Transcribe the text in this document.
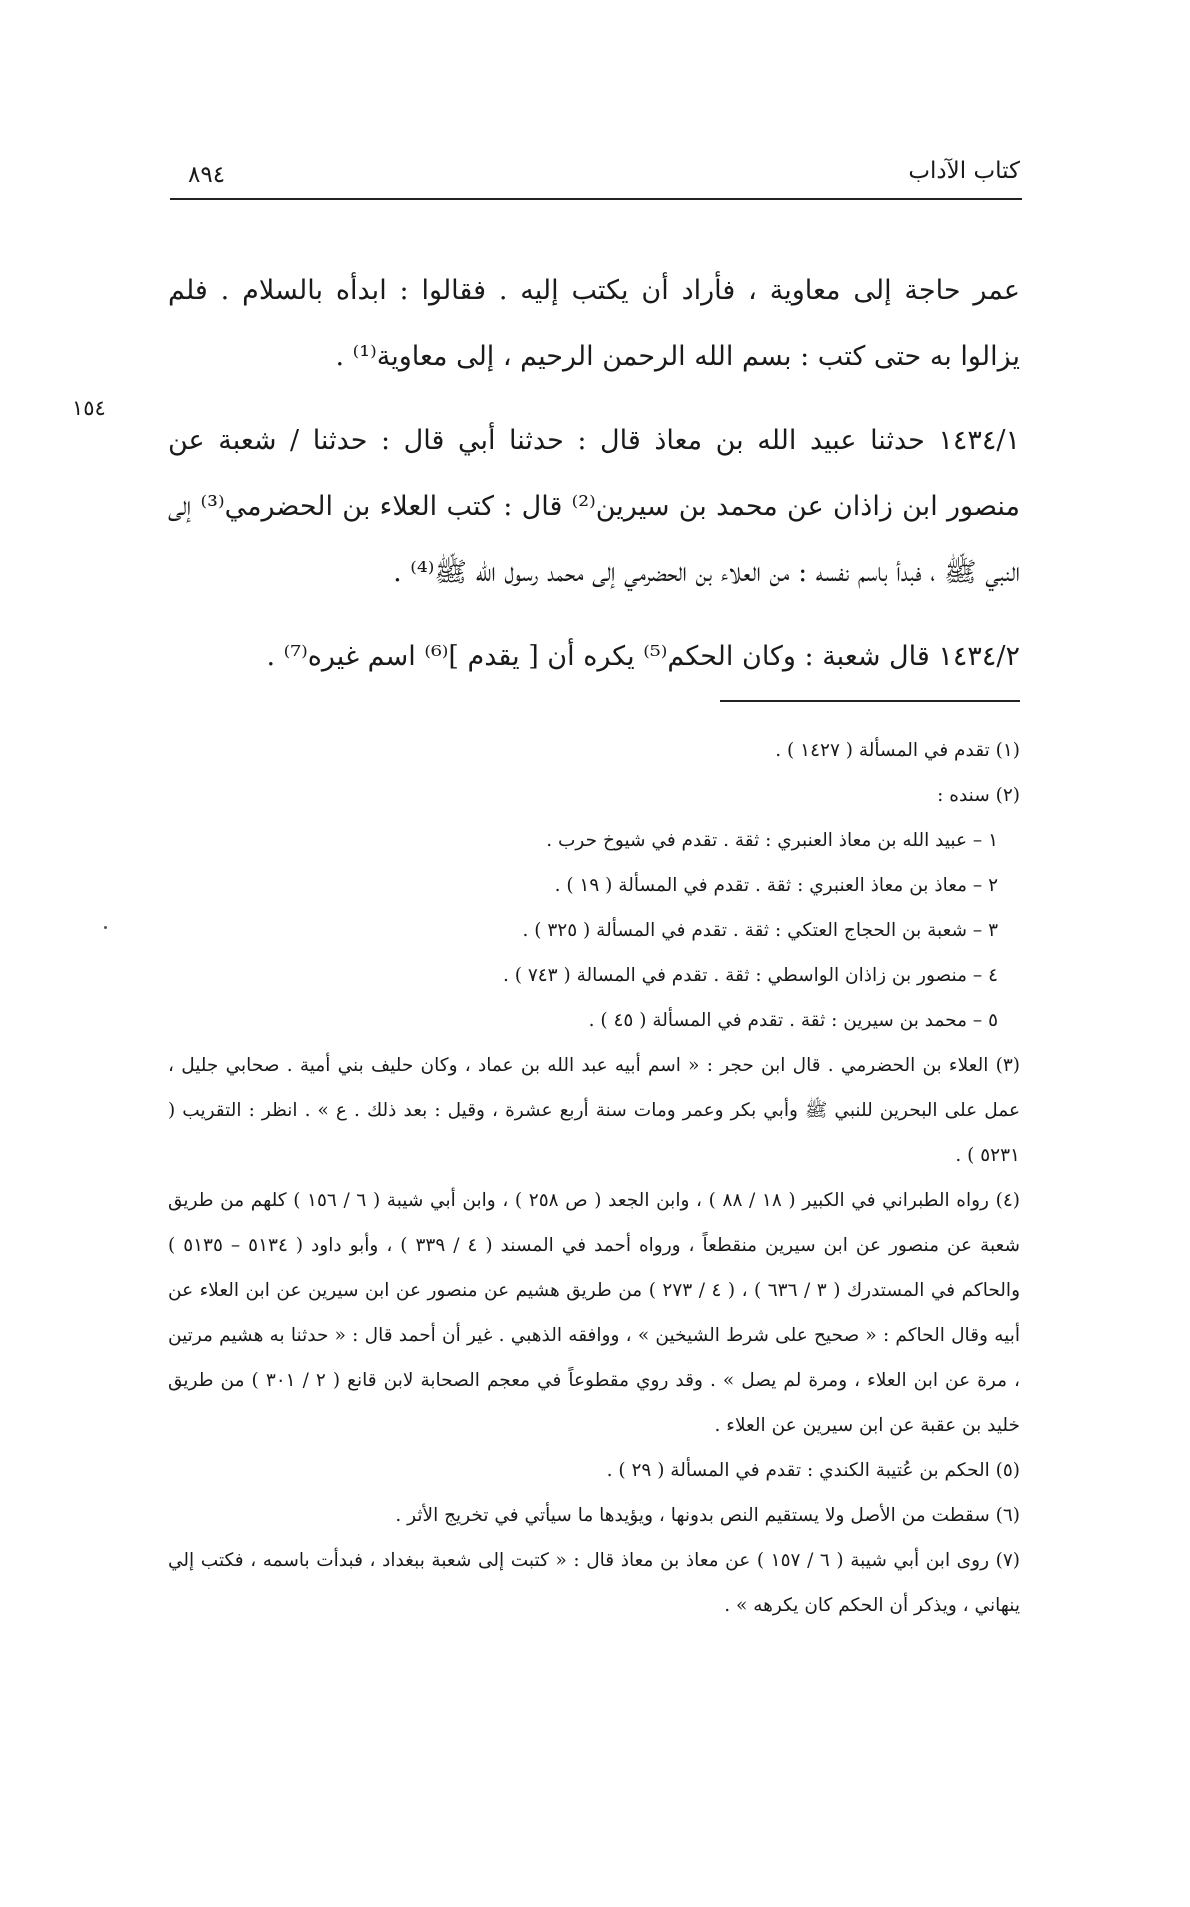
كتاب الآداب
٨٩٤
١٥٤

عمر حاجة إلى معاوية ، فأراد أن يكتب إليه . فقالوا : ابدأه بالسلام . فلم يزالوا به حتى كتب : بسم الله الرحمن الرحيم ، إلى معاوية⁽¹⁾ .

١٤٣٤/١ حدثنا عبيد الله بن معاذ قال : حدثنا أبي قال : حدثنا / شعبة عن منصور ابن زاذان عن محمد بن سيرين⁽²⁾ قال : كتب العلاء بن الحضرمي⁽³⁾ إلى النبي ﷺ ، فبدأ باسم نفسه : من العلاء بن الحضرمي إلى محمد رسول الله ﷺ⁽⁴⁾ .

١٤٣٤/٢ قال شعبة : وكان الحكم⁽⁵⁾ يكره أن [ يقدم ]⁽⁶⁾ اسم غيره⁽⁷⁾ .

(١) تقدم في المسألة ( ١٤٢٧ ) .

(٢) سنده :

١ – عبيد الله بن معاذ العنبري : ثقة . تقدم في شيوخ حرب .

٢ – معاذ بن معاذ العنبري : ثقة . تقدم في المسألة ( ١٩ ) .

٣ – شعبة بن الحجاج العتكي : ثقة . تقدم في المسألة ( ٣٢٥ ) .

٤ – منصور بن زاذان الواسطي : ثقة . تقدم في المسالة ( ٧٤٣ ) .

٥ – محمد بن سيرين : ثقة . تقدم في المسألة ( ٤٥ ) .

(٣) العلاء بن الحضرمي . قال ابن حجر : « اسم أبيه عبد الله بن عماد ، وكان حليف بني أمية . صحابي جليل ، عمل على البحرين للنبي ﷺ وأبي بكر وعمر ومات سنة أربع عشرة ، وقيل : بعد ذلك . ع » . انظر : التقريب ( ٥٢٣١ ) .

(٤) رواه الطبراني في الكبير ( ١٨ / ٨٨ ) ، وابن الجعد ( ص ٢٥٨ ) ، وابن أبي شيبة ( ٦ / ١٥٦ ) كلهم من طريق شعبة عن منصور عن ابن سيرين منقطعاً ، ورواه أحمد في المسند ( ٤ / ٣٣٩ ) ، وأبو داود ( ٥١٣٤ – ٥١٣٥ ) والحاكم في المستدرك ( ٣ / ٦٣٦ ) ، ( ٤ / ٢٧٣ ) من طريق هشيم عن منصور عن ابن سيرين عن ابن العلاء عن أبيه وقال الحاكم : « صحيح على شرط الشيخين » ، ووافقه الذهبي . غير أن أحمد قال : « حدثنا به هشيم مرتين ، مرة عن ابن العلاء ، ومرة لم يصل » . وقد روي مقطوعاً في معجم الصحابة لابن قانع ( ٢ / ٣٠١ ) من طريق خليد بن عقبة عن ابن سيرين عن العلاء .

(٥) الحكم بن عُتيبة الكندي : تقدم في المسألة ( ٢٩ ) .

(٦) سقطت من الأصل ولا يستقيم النص بدونها ، ويؤيدها ما سيأتي في تخريج الأثر .

(٧) روى ابن أبي شيبة ( ٦ / ١٥٧ ) عن معاذ بن معاذ قال : « كتبت إلى شعبة ببغداد ، فبدأت باسمه ، فكتب إلي ينهاني ، ويذكر أن الحكم كان يكرهه » .
